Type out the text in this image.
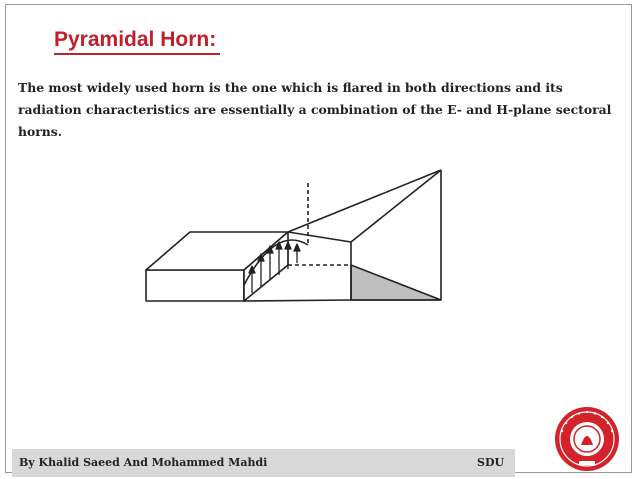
Pyramidal Horn:
The most widely used horn is the one which is flared in both directions and its radiation characteristics are essentially a combination of the E- and H-plane sectoral horns.
By Khalid Saeed And Mohammed Mahdi	SDU
